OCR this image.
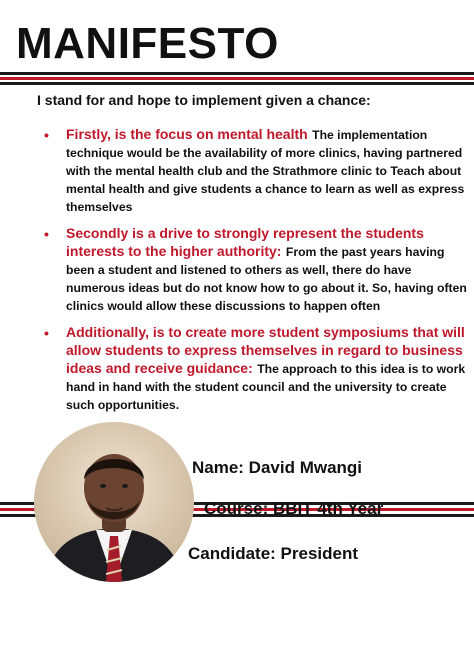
MANIFESTO

I stand for and hope to implement given a chance:

• Firstly, is the focus on mental health The implementation technique would be the availability of more clinics, having partnered with the mental health club and the Strathmore clinic to Teach about mental health and give students a chance to learn as well as express themselves
• Secondly is a drive to strongly represent the students interests to the higher authority: From the past years having been a student and listened to others as well, there do have numerous ideas but do not know how to go about it. So, having often clinics would allow these discussions to happen often
• Additionally, is to create more student symposiums that will allow students to express themselves in regard to business ideas and receive guidance: The approach to this idea is to work hand in hand with the student council and the university to create such opportunities.
Name: David Mwangi
Course: BBIT 4th Year
Candidate: President
